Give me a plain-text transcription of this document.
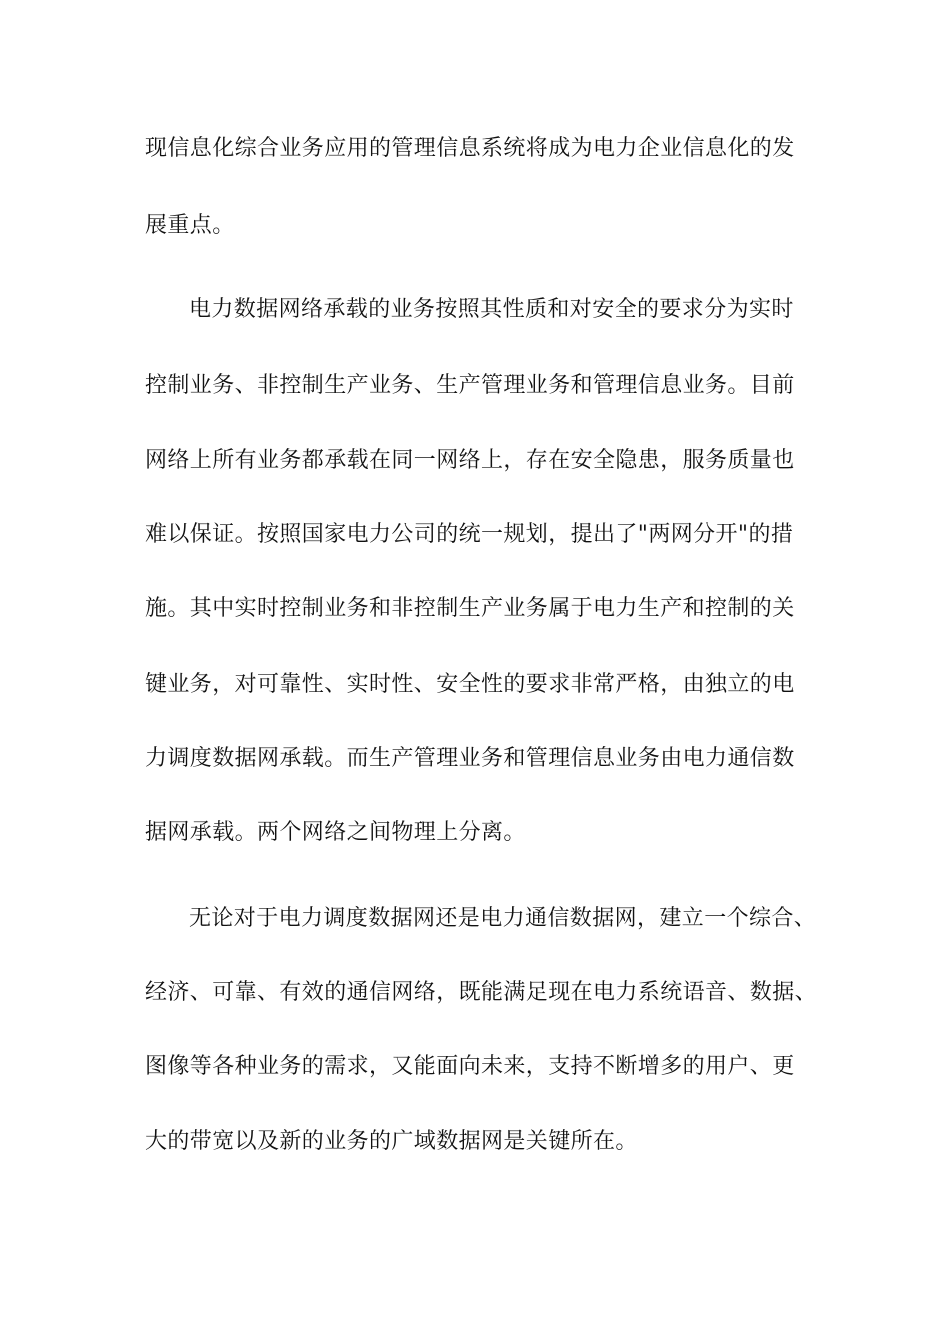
现信息化综合业务应用的管理信息系统将成为电力企业信息化的发

展重点。

电力数据网络承载的业务按照其性质和对安全的要求分为实时

控制业务、非控制生产业务、生产管理业务和管理信息业务。目前

网络上所有业务都承载在同一网络上，存在安全隐患，服务质量也

难以保证。按照国家电力公司的统一规划，提出了"两网分开"的措

施。其中实时控制业务和非控制生产业务属于电力生产和控制的关

键业务，对可靠性、实时性、安全性的要求非常严格，由独立的电

力调度数据网承载。而生产管理业务和管理信息业务由电力通信数

据网承载。两个网络之间物理上分离。

无论对于电力调度数据网还是电力通信数据网，建立一个综合、

经济、可靠、有效的通信网络，既能满足现在电力系统语音、数据、

图像等各种业务的需求，又能面向未来，支持不断增多的用户、更

大的带宽以及新的业务的广域数据网是关键所在。
